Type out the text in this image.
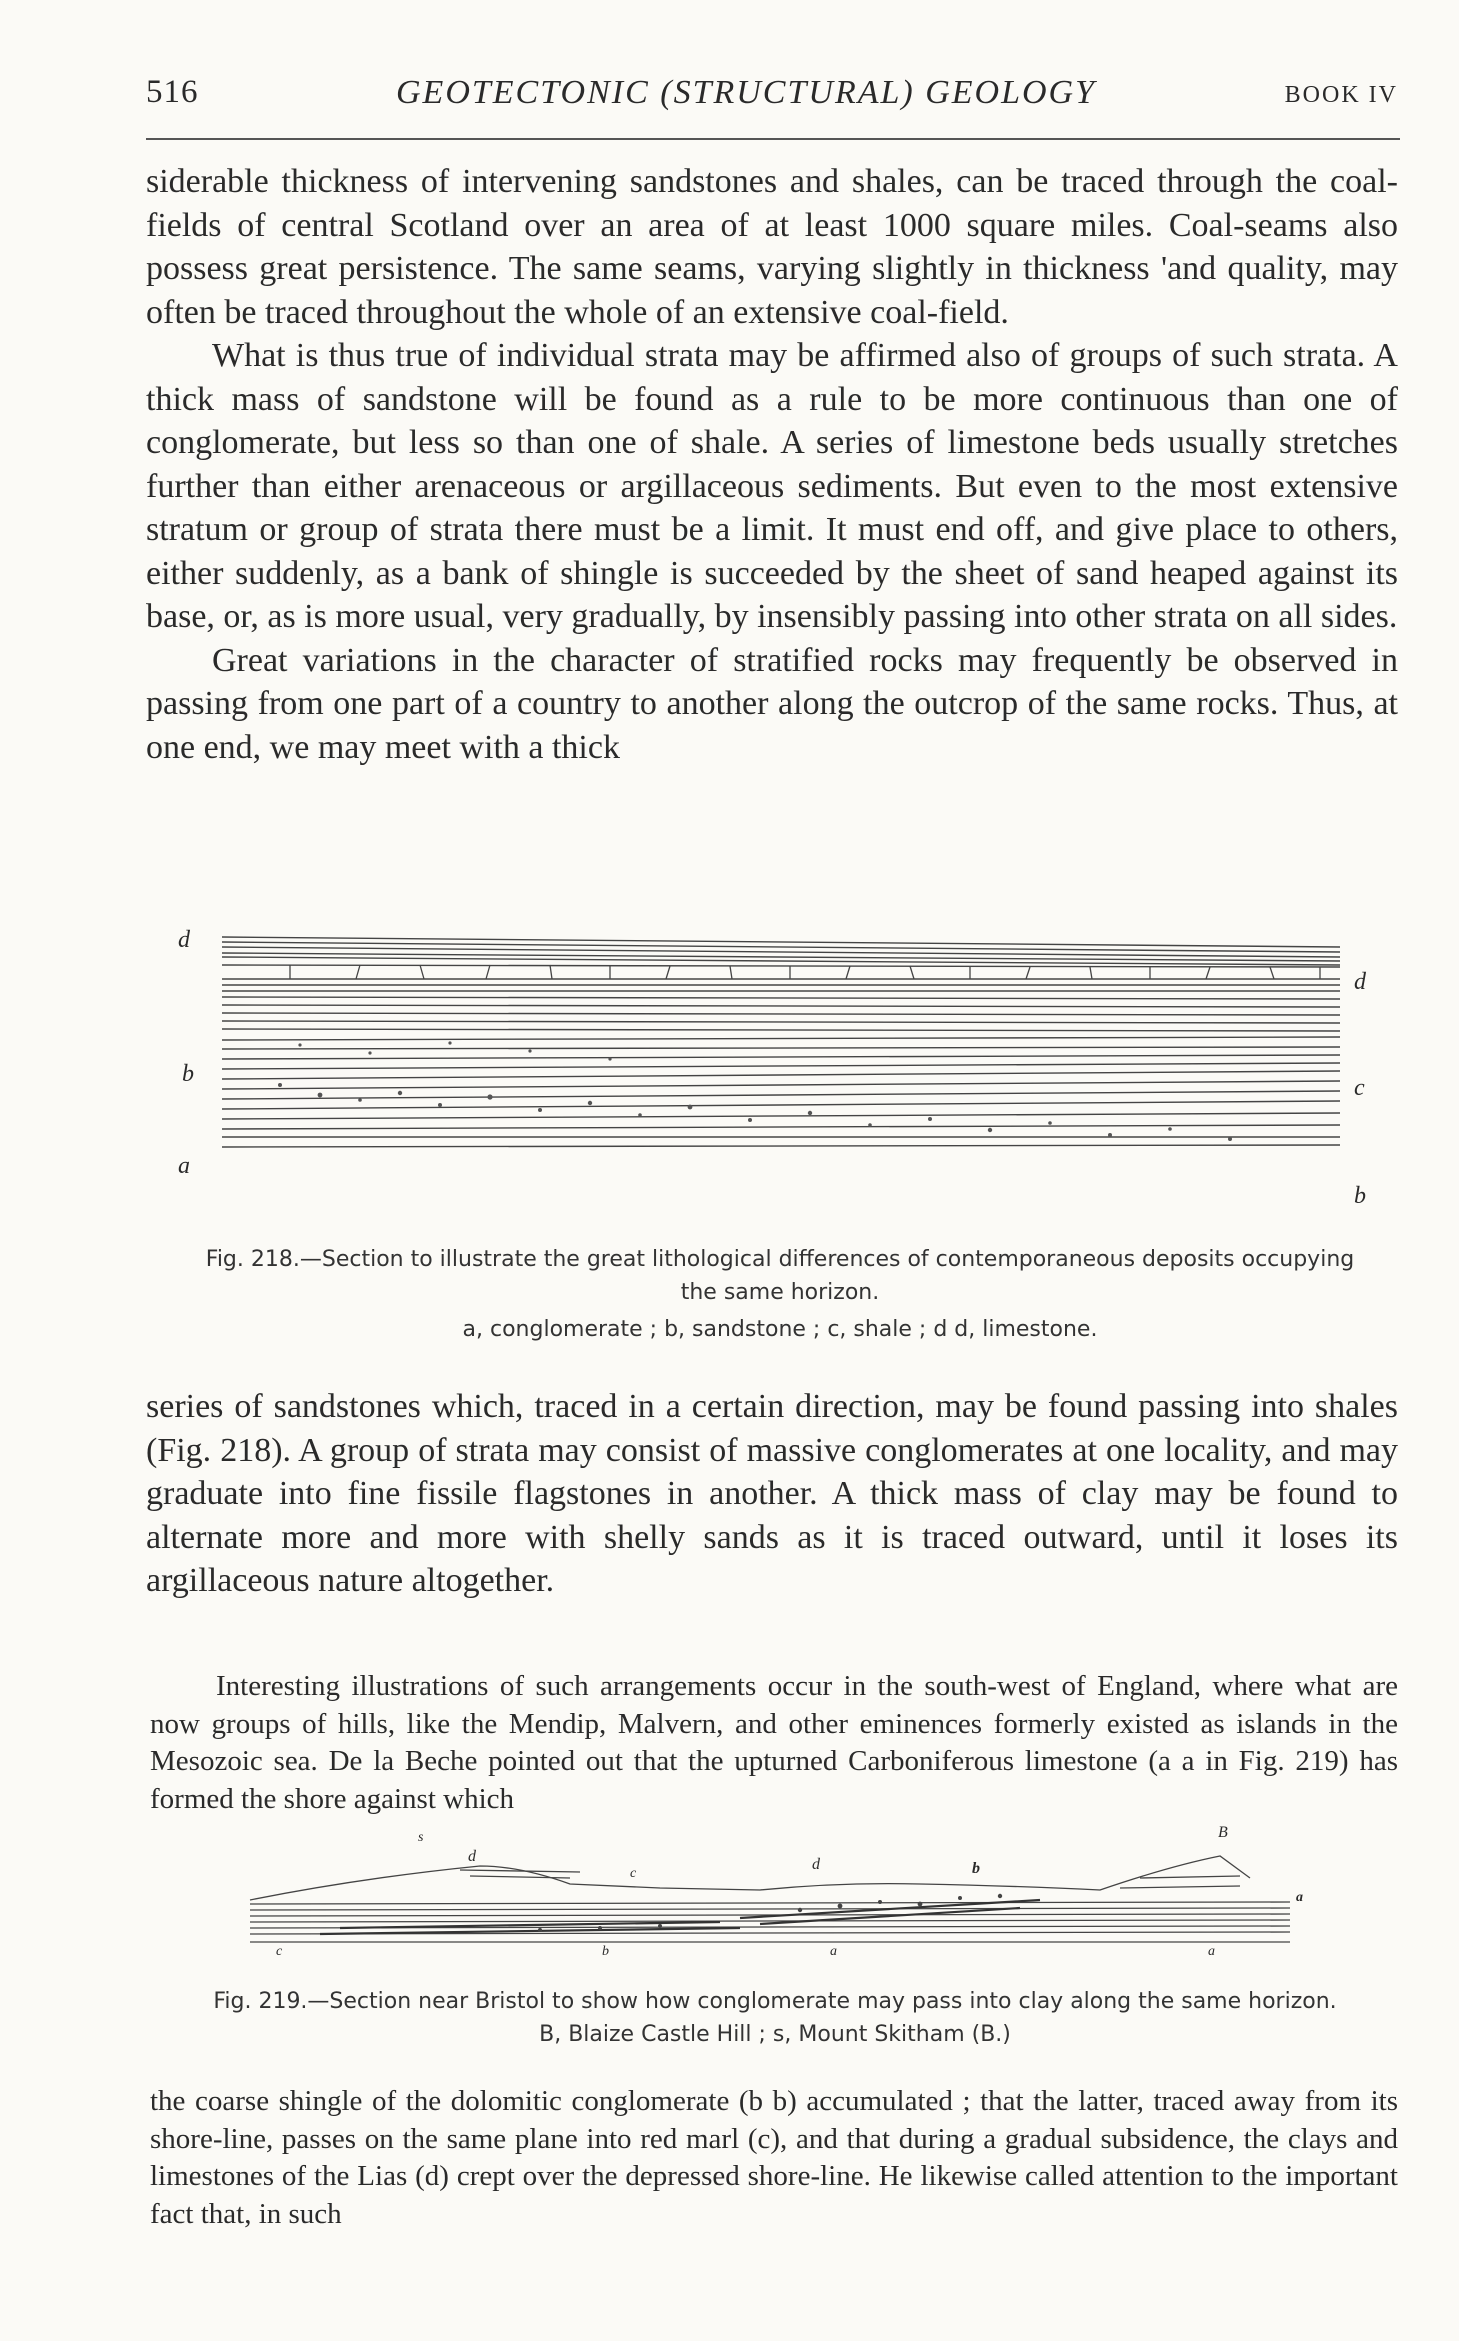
516	GEOTECTONIC (STRUCTURAL) GEOLOGY	BOOK IV

siderable thickness of intervening sandstones and shales, can be traced through the coal-fields of central Scotland over an area of at least 1000 square miles. Coal-seams also possess great persistence. The same seams, varying slightly in thickness 'and quality, may often be traced throughout the whole of an extensive coal-field.

What is thus true of individual strata may be affirmed also of groups of such strata. A thick mass of sandstone will be found as a rule to be more continuous than one of conglomerate, but less so than one of shale. A series of limestone beds usually stretches further than either arenaceous or argillaceous sediments. But even to the most extensive stratum or group of strata there must be a limit. It must end off, and give place to others, either suddenly, as a bank of shingle is succeeded by the sheet of sand heaped against its base, or, as is more usual, very gradually, by insensibly passing into other strata on all sides.

Great variations in the character of stratified rocks may frequently be observed in passing from one part of a country to another along the outcrop of the same rocks. Thus, at one end, we may meet with a thick

d
b
a
d
c
b
Fig. 218.—Section to illustrate the great lithological differences of contemporaneous deposits occupying the same horizon.
a, conglomerate ; b, sandstone ; c, shale ; d d, limestone.

series of sandstones which, traced in a certain direction, may be found passing into shales (Fig. 218). A group of strata may consist of massive conglomerates at one locality, and may graduate into fine fissile flagstones in another. A thick mass of clay may be found to alternate more and more with shelly sands as it is traced outward, until it loses its argillaceous nature altogether.

Interesting illustrations of such arrangements occur in the south-west of England, where what are now groups of hills, like the Mendip, Malvern, and other eminences formerly existed as islands in the Mesozoic sea. De la Beche pointed out that the upturned Carboniferous limestone (a a in Fig. 219) has formed the shore against which

s
d
c
d	b
B
a
c	b	a	a
Fig. 219.—Section near Bristol to show how conglomerate may pass into clay along the same horizon.
B, Blaize Castle Hill ; s, Mount Skitham (B.)

the coarse shingle of the dolomitic conglomerate (b b) accumulated ; that the latter, traced away from its shore-line, passes on the same plane into red marl (c), and that during a gradual subsidence, the clays and limestones of the Lias (d) crept over the depressed shore-line. He likewise called attention to the important fact that, in such
